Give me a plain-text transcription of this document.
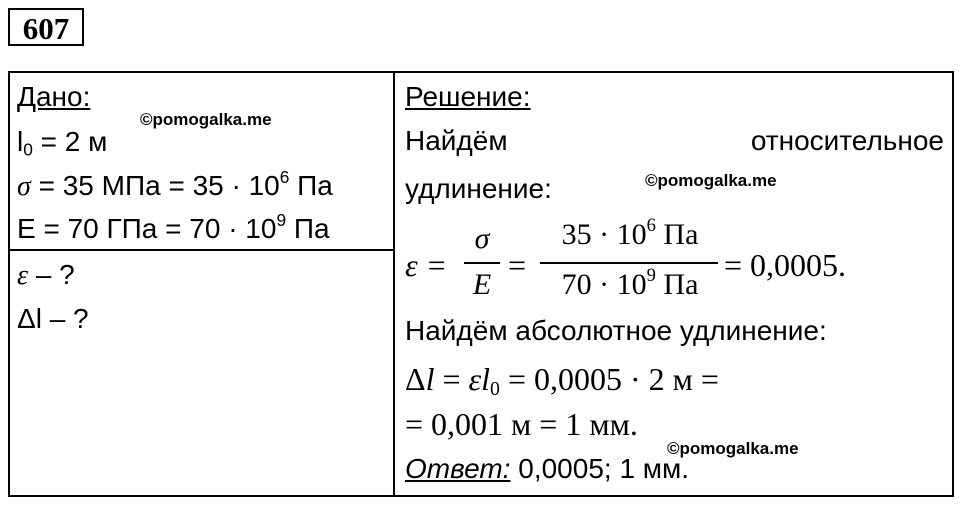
607
Дано:
$l_0 = 2$ м
σ = 35 МПа = $35 \cdot 10^6$ Па
E = 70 ГПа = $70 \cdot 10^9$ Па
ε – ?
Δl – ?
©pomogalka.me
©pomogalka.me
©pomogalka.me
Решение:
Найдём	относительное
удлинение:
ε =
σ
E
=
$35 \cdot 10^6$ Па
$70 \cdot 10^9$ Па
= 0,0005.
Найдём абсолютное удлинение:
$\Delta l = \varepsilon l_0 = 0,0005 \cdot 2$ м =
= 0,001 м = 1 мм.
Ответ: 0,0005; 1 мм.
